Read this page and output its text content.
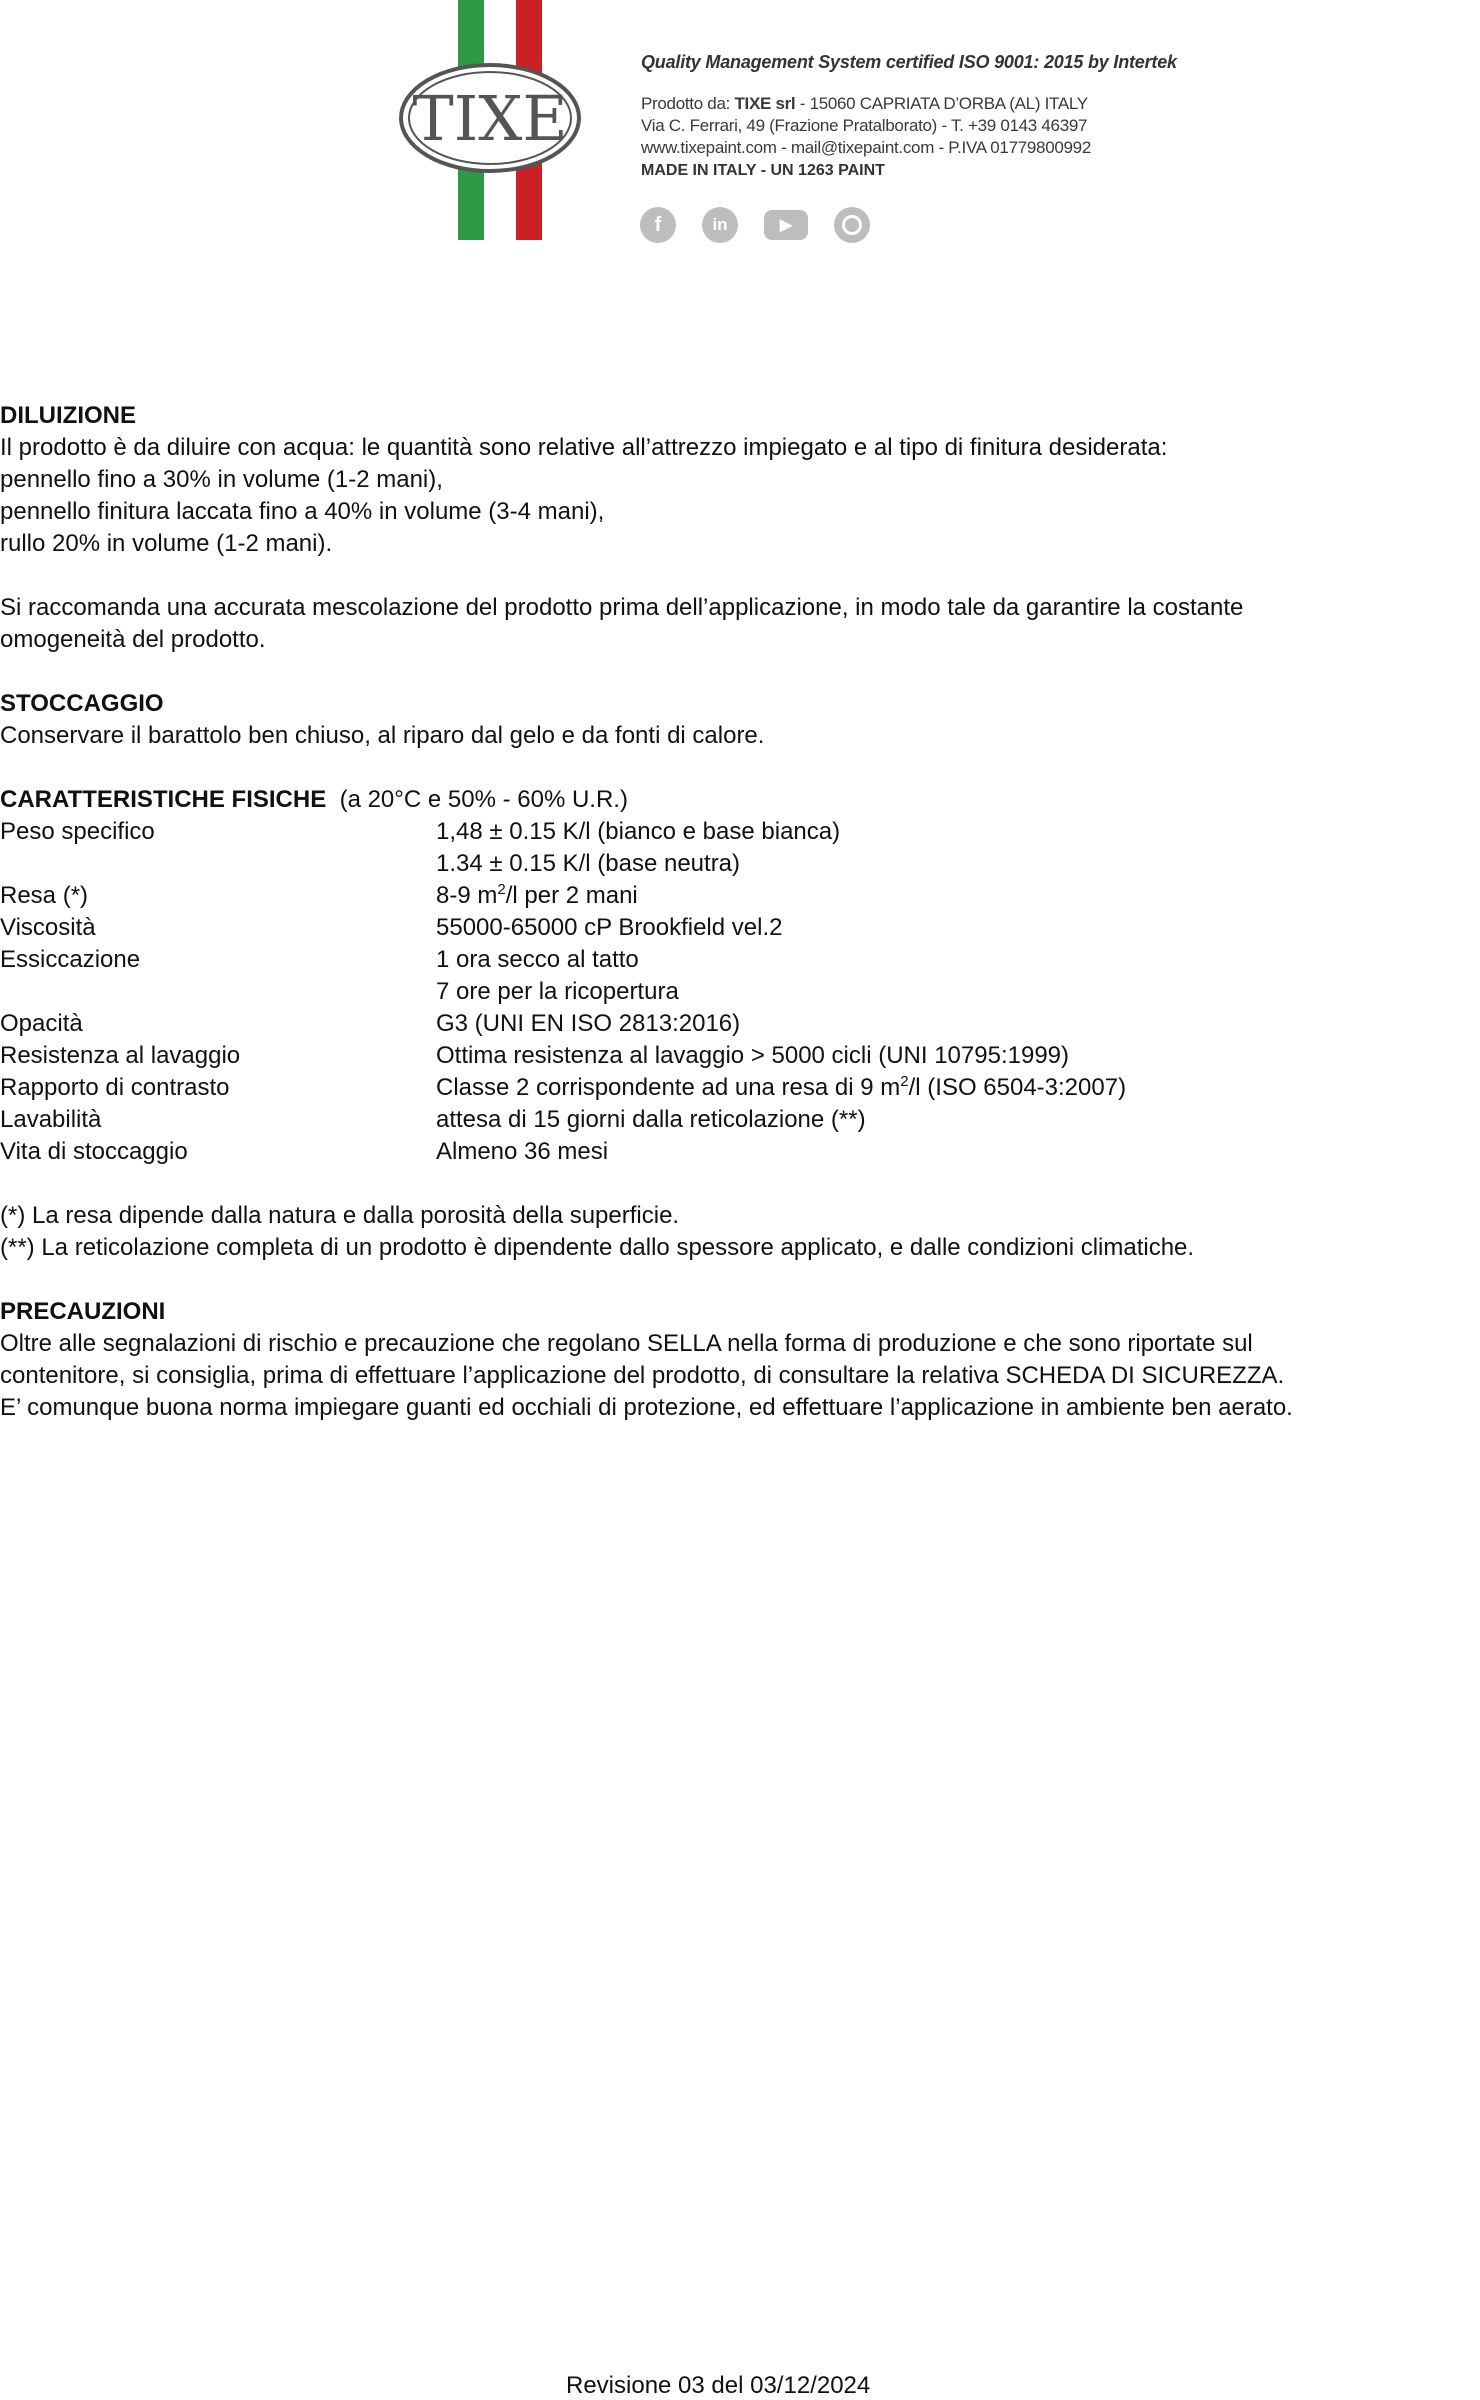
TIXE
Quality Management System certified ISO 9001: 2015 by Intertek
Prodotto da: TIXE srl - 15060 CAPRIATA D’ORBA (AL) ITALY
Via C. Ferrari, 49 (Frazione Pratalborato) - T. +39 0143 46397
www.tixepaint.com - mail@tixepaint.com - P.IVA 01779800992
MADE IN ITALY - UN 1263 PAINT
f	in	▶

DILUIZIONE

Il prodotto è da diluire con acqua: le quantità sono relative all’attrezzo impiegato e al tipo di finitura desiderata:

pennello fino a 30% in volume (1-2 mani),

pennello finitura laccata fino a 40% in volume (3-4 mani),

rullo 20% in volume (1-2 mani).

Si raccomanda una accurata mescolazione del prodotto prima dell’applicazione, in modo tale da garantire la costante

omogeneità del prodotto.

STOCCAGGIO

Conservare il barattolo ben chiuso, al riparo dal gelo e da fonti di calore.

CARATTERISTICHE FISICHE (a 20°C e 50% - 60% U.R.)

Peso specifico	1,48 ± 0.15 K/l (bianco e base bianca)
1.34 ± 0.15 K/l (base neutra)
Resa (*)	8-9 $m^2/l$ per 2 mani
Viscosità	55000-65000 cP Brookfield vel.2
Essiccazione	1 ora secco al tatto
7 ore per la ricopertura
Opacità	G3 (UNI EN ISO 2813:2016)
Resistenza al lavaggio	Ottima resistenza al lavaggio > 5000 cicli (UNI 10795:1999)
Rapporto di contrasto	Classe 2 corrispondente ad una resa di 9 $m^2/l$ (ISO 6504-3:2007)
Lavabilità	attesa di 15 giorni dalla reticolazione (**)
Vita di stoccaggio	Almeno 36 mesi

(*) La resa dipende dalla natura e dalla porosità della superficie.

(**) La reticolazione completa di un prodotto è dipendente dallo spessore applicato, e dalle condizioni climatiche.

PRECAUZIONI

Oltre alle segnalazioni di rischio e precauzione che regolano SELLA nella forma di produzione e che sono riportate sul

contenitore, si consiglia, prima di effettuare l’applicazione del prodotto, di consultare la relativa SCHEDA DI SICUREZZA.

E’ comunque buona norma impiegare guanti ed occhiali di protezione, ed effettuare l’applicazione in ambiente ben aerato.

Revisione 03 del 03/12/2024
